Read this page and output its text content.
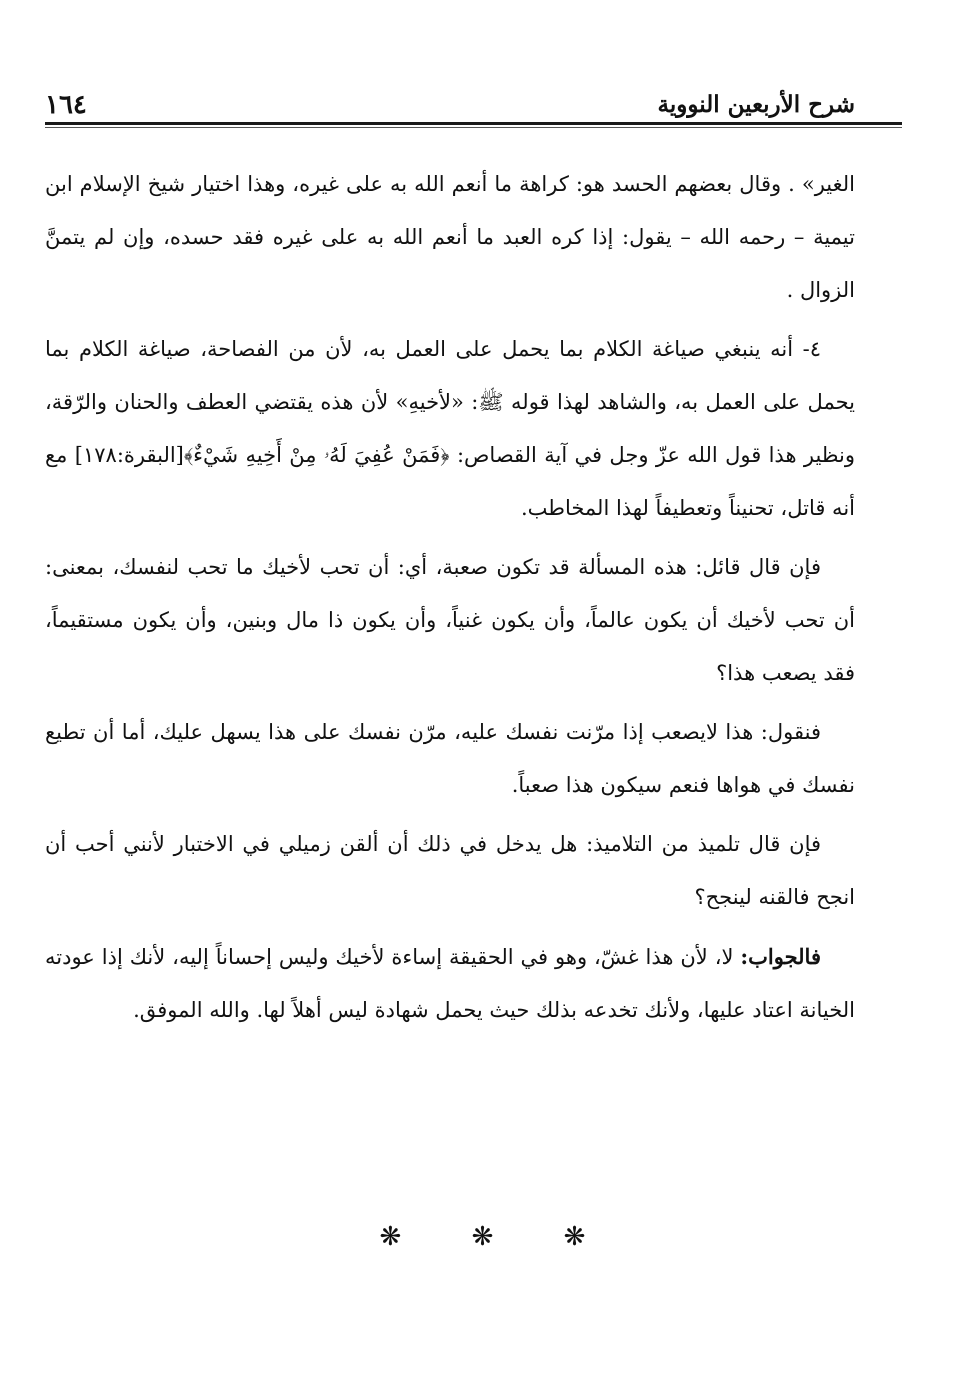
١٦٤	شرح الأربعين النووية

الغير» . وقال بعضهم الحسد هو: كراهة ما أنعم الله به على غيره، وهذا اختيار شيخ الإسلام ابن تيمية – رحمه الله – يقول: إذا كره العبد ما أنعم الله به على غيره فقد حسده، وإن لم يتمنَّ الزوال .

٤- أنه ينبغي صياغة الكلام بما يحمل على العمل به، لأن من الفصاحة، صياغة الكلام بما يحمل على العمل به، والشاهد لهذا قوله ﷺ: «لأخيهِ» لأن هذه يقتضي العطف والحنان والرّقة، ونظير هذا قول الله عزّ وجل في آية القصاص: ﴿فَمَنْ عُفِيَ لَهُۥ مِنْ أَخِيهِ شَيْءٌ﴾[البقرة:١٧٨] مع أنه قاتل، تحنيناً وتعطيفاً لهذا المخاطب.

فإن قال قائل: هذه المسألة قد تكون صعبة، أي: أن تحب لأخيك ما تحب لنفسك، بمعنى: أن تحب لأخيك أن يكون عالماً، وأن يكون غنياً، وأن يكون ذا مال وبنين، وأن يكون مستقيماً، فقد يصعب هذا؟

فنقول: هذا لايصعب إذا مرّنت نفسك عليه، مرّن نفسك على هذا يسهل عليك، أما أن تطيع نفسك في هواها فنعم سيكون هذا صعباً.

فإن قال تلميذ من التلاميذ: هل يدخل في ذلك أن ألقن زميلي في الاختبار لأنني أحب أن انجح فالقنه لينجح؟

فالجواب: لا، لأن هذا غشّ، وهو في الحقيقة إساءة لأخيك وليس إحساناً إليه، لأنك إذا عودته الخيانة اعتاد عليها، ولأنك تخدعه بذلك حيث يحمل شهادة ليس أهلاً لها. والله الموفق.

❋	❋	❋
